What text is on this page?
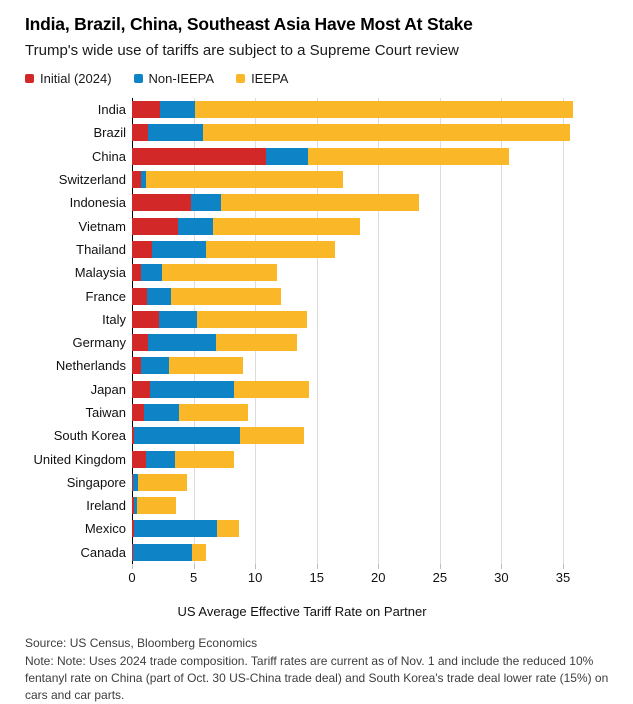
India, Brazil, China, Southeast Asia Have Most At Stake
Trump's wide use of tariffs are subject to a Supreme Court review
Initial (2024)	Non-IEEPA	IEEPA
India
Brazil
China
Switzerland
Indonesia
Vietnam
Thailand
Malaysia
France
Italy
Germany
Netherlands
Japan
Taiwan
South Korea
United Kingdom
Singapore
Ireland
Mexico
Canada
0	5	10	15	20	25	30	35
US Average Effective Tariff Rate on Partner
Source: US Census, Bloomberg Economics
Note: Note: Uses 2024 trade composition. Tariff rates are current as of Nov. 1 and include the reduced 10% fentanyl rate on China (part of Oct. 30 US-China trade deal) and South Korea's trade deal lower rate (15%) on cars and car parts.
